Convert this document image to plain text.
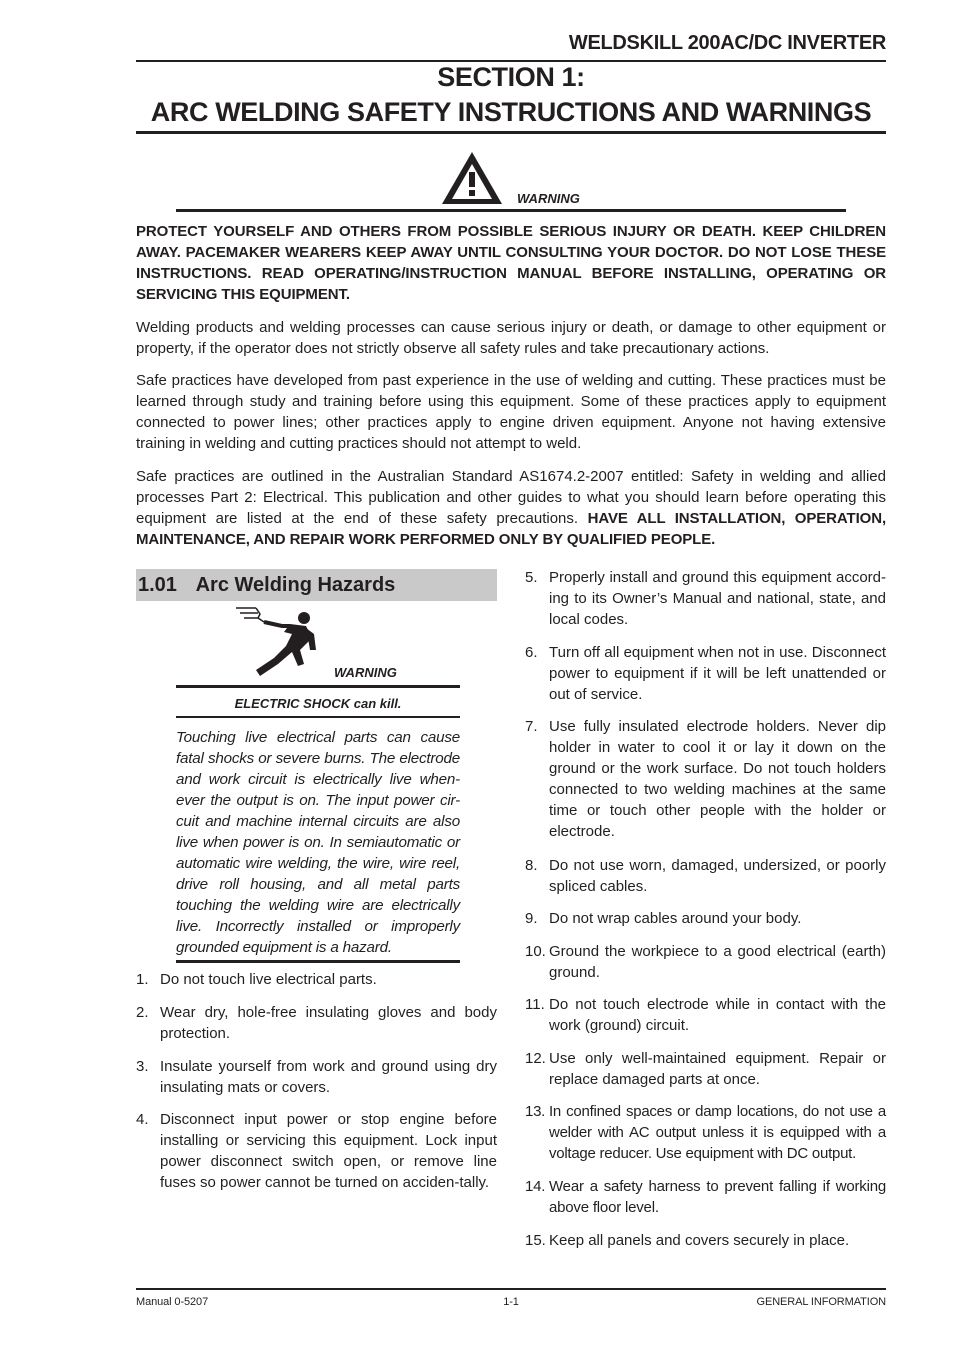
WELDSKILL 200AC/DC INVERTER
SECTION 1:
ARC WELDING SAFETY INSTRUCTIONS AND WARNINGS
WARNING
PROTECT YOURSELF AND OTHERS FROM POSSIBLE SERIOUS INJURY OR DEATH. KEEP CHILDREN AWAY. PACEMAKER WEARERS KEEP AWAY UNTIL CONSULTING YOUR DOCTOR. DO NOT LOSE THESE INSTRUCTIONS. READ OPERATING/INSTRUCTION MANUAL BEFORE INSTALLING, OPERATING OR SERVICING THIS EQUIPMENT.
Welding products and welding processes can cause serious injury or death, or damage to other equipment or property, if the operator does not strictly observe all safety rules and take precautionary actions.
Safe practices have developed from past experience in the use of welding and cutting. These practices must be learned through study and training before using this equipment. Some of these practices apply to equipment connected to power lines; other practices apply to engine driven equipment. Anyone not having extensive training in welding and cutting practices should not attempt to weld.
Safe practices are outlined in the Australian Standard AS1674.2-2007 entitled: Safety in welding and allied processes Part 2: Electrical. This publication and other guides to what you should learn before operating this equipment are listed at the end of these safety precautions. HAVE ALL INSTALLATION, OPERATION, MAINTENANCE, AND REPAIR WORK PERFORMED ONLY BY QUALIFIED PEOPLE.
1.01 Arc Welding Hazards
WARNING
ELECTRIC SHOCK can kill.
Touching live electrical parts can cause fatal shocks or severe burns. The electrode and work circuit is electrically live when-ever the output is on. The input power cir-cuit and machine internal circuits are also live when power is on. In semiautomatic or automatic wire welding, the wire, wire reel, drive roll housing, and all metal parts touching the welding wire are electrically live. Incorrectly installed or improperly grounded equipment is a hazard.
1. Do not touch live electrical parts.
2. Wear dry, hole-free insulating gloves and body protection.
3. Insulate yourself from work and ground using dry insulating mats or covers.
4. Disconnect input power or stop engine before installing or servicing this equipment. Lock input power disconnect switch open, or remove line fuses so power cannot be turned on acciden-tally.
5. Properly install and ground this equipment accord-ing to its Owner’s Manual and national, state, and local codes.
6. Turn off all equipment when not in use. Disconnect power to equipment if it will be left unattended or out of service.
7. Use fully insulated electrode holders. Never dip holder in water to cool it or lay it down on the ground or the work surface. Do not touch holders connected to two welding machines at the same time or touch other people with the holder or electrode.
8. Do not use worn, damaged, undersized, or poorly spliced cables.
9. Do not wrap cables around your body.
10. Ground the workpiece to a good electrical (earth) ground.
11. Do not touch electrode while in contact with the work (ground) circuit.
12. Use only well-maintained equipment. Repair or replace damaged parts at once.
13. In confined spaces or damp locations, do not use a welder with AC output unless it is equipped with a voltage reducer. Use equipment with DC output.
14. Wear a safety harness to prevent falling if working above floor level.
15. Keep all panels and covers securely in place.
Manual 0-5207	1-1	GENERAL INFORMATION
